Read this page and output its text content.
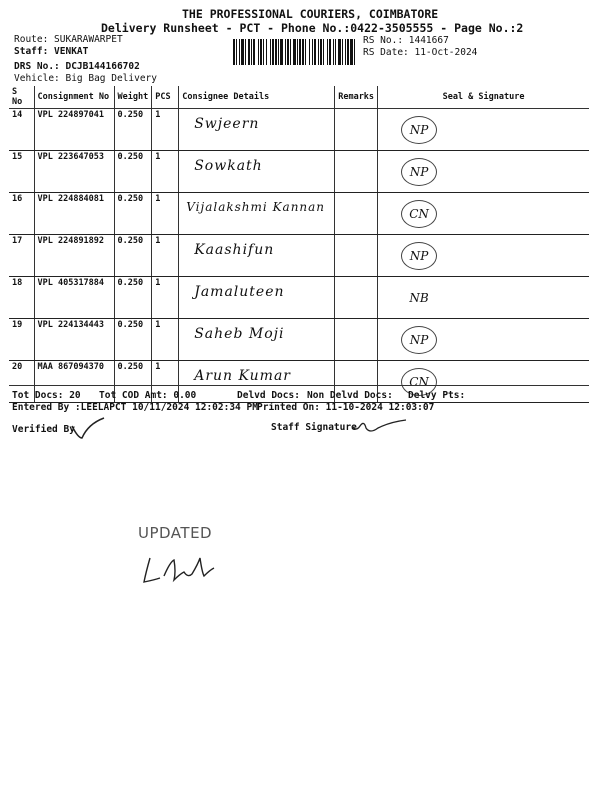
THE PROFESSIONAL COURIERS, COIMBATORE
Delivery Runsheet - PCT - Phone No.:0422-3505555 - Page No.:2
Route: SUKARAWARPET
Staff: VENKAT
DRS No.: DCJB144166702
Vehicle: Big Bag Delivery
RS No.: 1441667
RS Date: 11-Oct-2024
S No	Consignment No	Weight	PCS	Consignee Details	Remarks	Seal & Signature
14	VPL 224897041	0.250	1	Swjeern		NP
15	VPL 223647053	0.250	1	Sowkath		NP
16	VPL 224884081	0.250	1	Vijalakshmi Kannan		CN
17	VPL 224891892	0.250	1	Kaashifun		NP
18	VPL 405317884	0.250	1	Jamaluteen		NB
19	VPL 224134443	0.250	1	Saheb Moji		NP
20	MAA 867094370	0.250	1	Arun Kumar		CN
Tot Docs: 20 Tot COD Amt: 0.00	Delvd Docs: Non Delvd Docs: Delvy Pts:
Entered By :LEELAPCT 10/11/2024 12:02:34 PM Printed On: 11-10-2024 12:03:07
Verified By	Staff Signature
UPDATED
